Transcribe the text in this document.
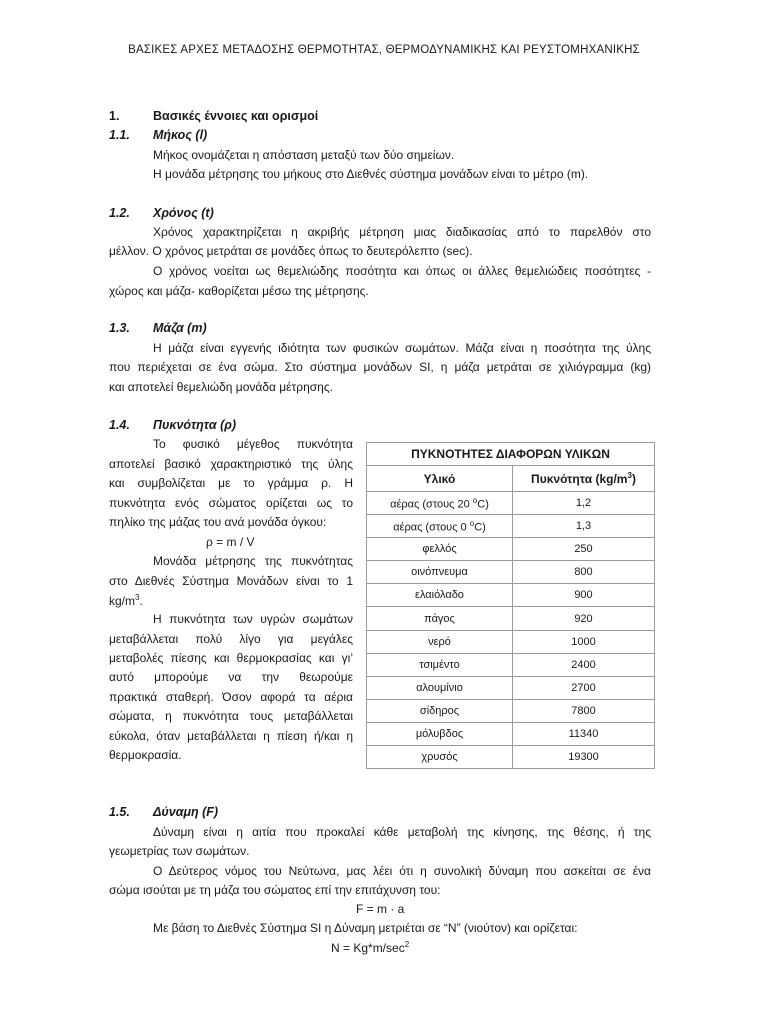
ΒΑΣΙΚΕΣ ΑΡΧΕΣ ΜΕΤΑΔΟΣΗΣ ΘΕΡΜΟΤΗΤΑΣ, ΘΕΡΜΟΔΥΝΑΜΙΚΗΣ ΚΑΙ ΡΕΥΣΤΟΜΗΧΑΝΙΚΗΣ
1.	Βασικές έννοιες και ορισμοί
1.1. Μήκος (l)
Μήκος ονομάζεται η απόσταση μεταξύ των δύο σημείων.
Η μονάδα μέτρησης του μήκους στο Διεθνές σύστημα μονάδων είναι το μέτρο (m).
1.2. Χρόνος (t)
Χρόνος χαρακτηρίζεται η ακριβής μέτρηση μιας διαδικασίας από το παρελθόν στο
μέλλον. Ο χρόνος μετράται σε μονάδες όπως το δευτερόλεπτο (sec).
Ο χρόνος νοείται ως θεμελιώδης ποσότητα και όπως οι άλλες θεμελιώδεις ποσότητες -
χώρος και μάζα- καθορίζεται μέσω της μέτρησης.
1.3. Μάζα (m)
Η μάζα είναι εγγενής ιδιότητα των φυσικών σωμάτων. Μάζα είναι η ποσότητα της ύλης
που περιέχεται σε ένα σώμα. Στο σύστημα μονάδων SI, η μάζα μετράται σε χιλιόγραμμα (kg)
και αποτελεί θεμελιώδη μονάδα μέτρησης.
1.4. Πυκνότητα (ρ)
Το φυσικό μέγεθος πυκνότητα
αποτελεί βασικό χαρακτηριστικό της ύλης
και συμβολίζεται με το γράμμα ρ. Η
πυκνότητα ενός σώματος ορίζεται ως το
πηλίκο της μάζας του ανά μονάδα όγκου:
ρ = m / V
Μονάδα μέτρησης της πυκνότητας
στο Διεθνές Σύστημα Μονάδων είναι το 1
$kg/m^3$.
Η πυκνότητα των υγρών σωμάτων
μεταβάλλεται πολύ λίγο για μεγάλες
μεταβολές πίεσης και θερμοκρασίας και γι’
αυτό μπορούμε να την θεωρούμε
πρακτικά σταθερή. Όσον αφορά τα αέρια
σώματα, η πυκνότητα τους μεταβάλλεται
εύκολα, όταν μεταβάλλεται η πίεση ή/και η
θερμοκρασία.
ΠΥΚΝΟΤΗΤΕΣ ΔΙΑΦΟΡΩΝ ΥΛΙΚΩΝ	
Υλικό	Πυκνότητα $(kg/m^3)$
αέρας (στους 20 $^o$C)	1,2
αέρας (στους 0 $^o$C)	1,3
φελλός	250
οινόπνευμα	800
ελαιόλαδο	900
πάγος	920
νερό	1000
τσιμέντο	2400
αλουμίνιο	2700
σίδηρος	7800
μόλυβδος	11340
χρυσός	19300
1.5. Δύναμη (F)
Δύναμη είναι η αιτία που προκαλεί κάθε μεταβολή της κίνησης, της θέσης, ή της
γεωμετρίας των σωμάτων.
Ο Δεύτερος νόμος του Νεύτωνα, μας λέει ότι η συνολική δύναμη που ασκείται σε ένα
σώμα ισούται με τη μάζα του σώματος επί την επιτάχυνση του:
F = m · a
Με βάση το Διεθνές Σύστημα SI η Δύναμη μετριέται σε “Ν” (νιούτον) και ορίζεται:
$N = Kg*m/\sec^2$
